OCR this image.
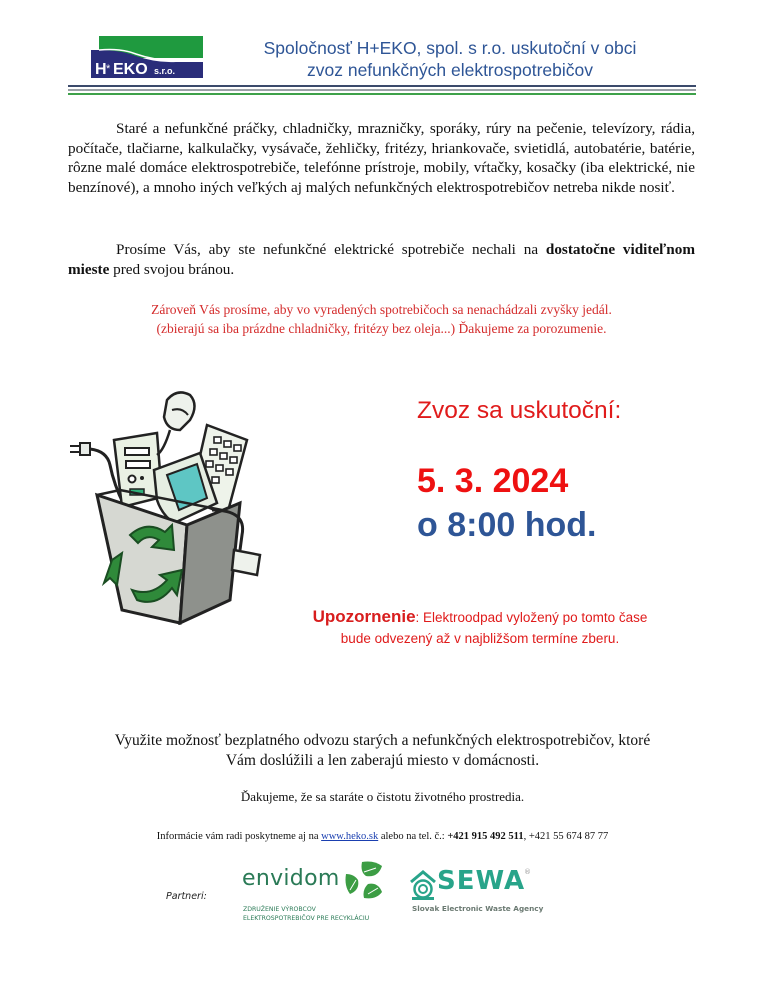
H * EKO s.r.o.
Spoločnosť H+EKO, spol. s r.o. uskutoční v obci
zvoz nefunkčných elektrospotrebičov
Staré a nefunkčné práčky, chladničky, mrazničky, sporáky, rúry na pečenie, televízory, rádia, počítače, tlačiarne, kalkulačky, vysávače, žehličky, fritézy, hriankovače, svietidlá, autobatérie, batérie, rôzne malé domáce elektrospotrebiče, telefónne prístroje, mobily, vŕtačky, kosačky (iba elektrické, nie benzínové), a mnoho iných veľkých aj malých nefunkčných elektrospotrebičov netreba nikde nosiť.
Prosíme Vás, aby ste nefunkčné elektrické spotrebiče nechali na dostatočne viditeľnom mieste pred svojou bránou.
Zároveň Vás prosíme, aby vo vyradených spotrebičoch sa nenachádzali zvyšky jedál.
(zbierajú sa iba prázdne chladničky, fritézy bez oleja...) Ďakujeme za porozumenie.
Zvoz sa uskutoční:
5. 3. 2024
o 8:00 hod.
Upozornenie: Elektroodpad vyložený po tomto čase
bude odvezený až v najbližšom termíne zberu.
Využite možnosť bezplatného odvozu starých a nefunkčných elektrospotrebičov, ktoré
Vám doslúžili a len zaberajú miesto v domácnosti.
Ďakujeme, že sa staráte o čistotu životného prostredia.
Informácie vám radi poskytneme aj na www.heko.sk alebo na tel. č.: +421 915 492 511, +421 55 674 87 77
Partneri:
envidom
ZDRUŽENIE VÝROBCOV
ELEKTROSPOTREBIČOV PRE RECYKLÁCIU
SEWA
®
Slovak Electronic Waste Agency
